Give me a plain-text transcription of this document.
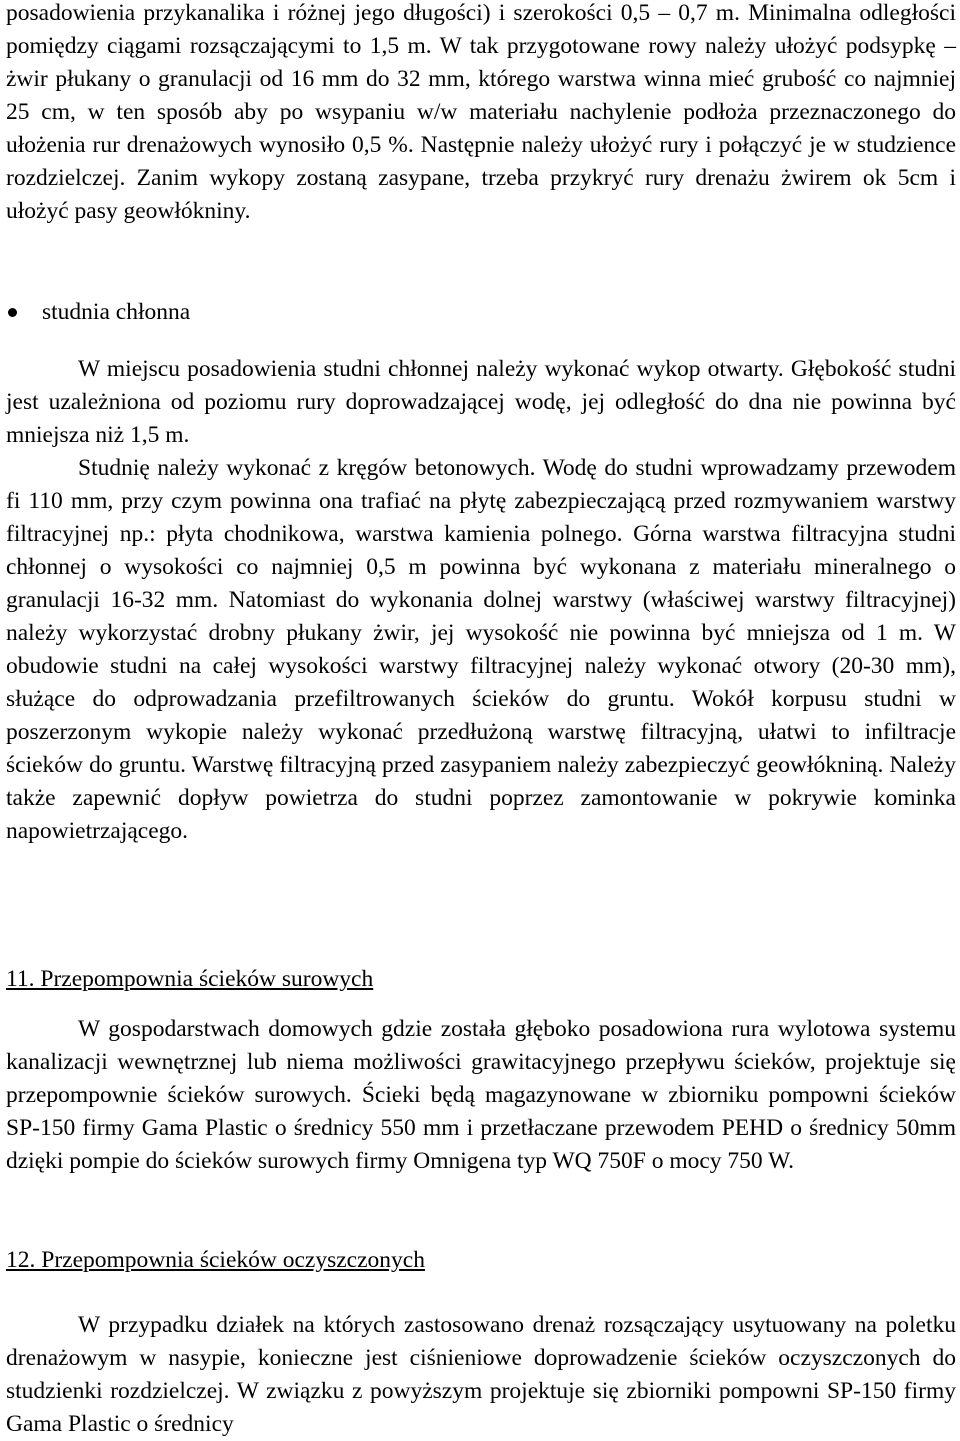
posadowienia przykanalika i różnej jego długości) i szerokości 0,5 – 0,7 m. Minimalna odległości pomiędzy ciągami rozsączającymi to 1,5 m. W tak przygotowane rowy należy ułożyć podsypkę – żwir płukany o granulacji od 16 mm do 32 mm, którego warstwa winna mieć grubość co najmniej 25 cm, w ten sposób aby po wsypaniu w/w materiału nachylenie podłoża przeznaczonego do ułożenia rur drenażowych wynosiło 0,5 %. Następnie należy ułożyć rury i połączyć je w studzience rozdzielczej. Zanim wykopy zostaną zasypane, trzeba przykryć rury drenażu żwirem ok 5cm i ułożyć pasy geowłókniny.
studnia chłonna
W miejscu posadowienia studni chłonnej należy wykonać wykop otwarty. Głębokość studni jest uzależniona od poziomu rury doprowadzającej wodę, jej odległość do dna nie powinna być mniejsza niż 1,5 m.
Studnię należy wykonać z kręgów betonowych. Wodę do studni wprowadzamy przewodem fi 110 mm, przy czym powinna ona trafiać na płytę zabezpieczającą przed rozmywaniem warstwy filtracyjnej np.: płyta chodnikowa, warstwa kamienia polnego. Górna warstwa filtracyjna studni chłonnej o wysokości co najmniej 0,5 m powinna być wykonana z materiału mineralnego o granulacji 16-32 mm. Natomiast do wykonania dolnej warstwy (właściwej warstwy filtracyjnej) należy wykorzystać drobny płukany żwir, jej wysokość nie powinna być mniejsza od 1 m. W obudowie studni na całej wysokości warstwy filtracyjnej należy wykonać otwory (20-30 mm), służące do odprowadzania przefiltrowanych ścieków do gruntu. Wokół korpusu studni w poszerzonym wykopie należy wykonać przedłużoną warstwę filtracyjną, ułatwi to infiltracje ścieków do gruntu. Warstwę filtracyjną przed zasypaniem należy zabezpieczyć geowłókniną. Należy także zapewnić dopływ powietrza do studni poprzez zamontowanie w pokrywie kominka napowietrzającego.
11. Przepompownia ścieków surowych
W gospodarstwach domowych gdzie została głęboko posadowiona rura wylotowa systemu kanalizacji wewnętrznej lub niema możliwości grawitacyjnego przepływu ścieków, projektuje się przepompownie ścieków surowych. Ścieki będą magazynowane w zbiorniku pompowni ścieków SP-150 firmy Gama Plastic o średnicy 550 mm i przetłaczane przewodem PEHD o średnicy 50mm dzięki pompie do ścieków surowych firmy Omnigena typ WQ 750F o mocy 750 W.
12. Przepompownia ścieków oczyszczonych
W przypadku działek na których zastosowano drenaż rozsączający usytuowany na poletku drenażowym w nasypie, konieczne jest ciśnieniowe doprowadzenie ścieków oczyszczonych do studzienki rozdzielczej. W związku z powyższym projektuje się zbiorniki pompowni SP-150 firmy Gama Plastic o średnicy
